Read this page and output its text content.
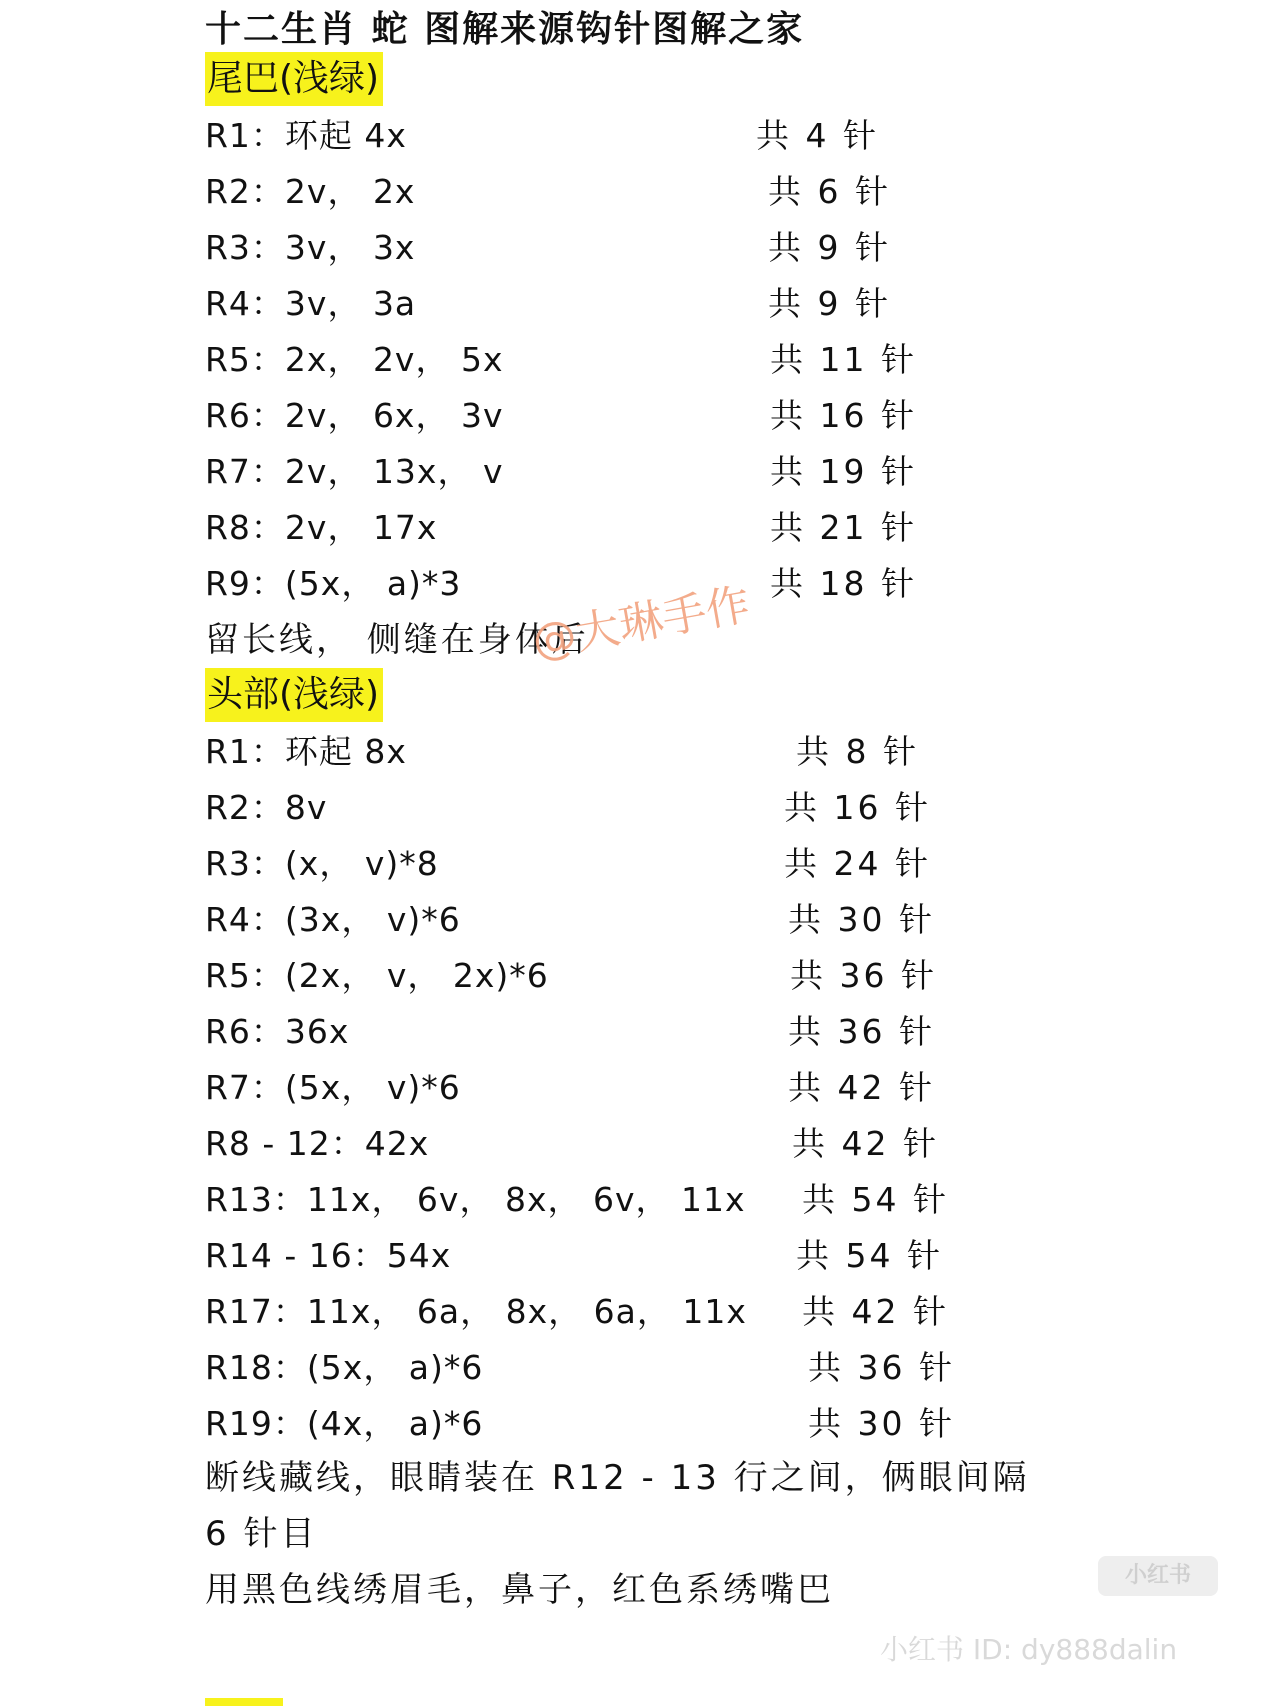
十二生肖 蛇 图解来源钩针图解之家
尾巴(浅绿)
R1：环起 4x	共 4 针
R2：2v， 2x	共 6 针
R3：3v， 3x	共 9 针
R4：3v， 3a	共 9 针
R5：2x， 2v， 5x	共 11 针
R6：2v， 6x， 3v	共 16 针
R7：2v， 13x， v	共 19 针
R8：2v， 17x	共 21 针
R9：(5x， a)*3	共 18 针
留长线， 侧缝在身体后
头部(浅绿)
R1：环起 8x	共 8 针
R2：8v	共 16 针
R3：(x， v)*8	共 24 针
R4：(3x， v)*6	共 30 针
R5：(2x， v， 2x)*6	共 36 针
R6：36x	共 36 针
R7：(5x， v)*6	共 42 针
R8 - 12：42x	共 42 针
R13：11x， 6v， 8x， 6v， 11x 共 54 针
R14 - 16：54x	共 54 针
R17：11x， 6a， 8x， 6a， 11x 共 42 针
R18：(5x， a)*6	共 36 针
R19：(4x， a)*6	共 30 针
断线藏线，眼睛装在 R12 - 13 行之间，俩眼间隔
6 针目
用黑色线绣眉毛，鼻子，红色系绣嘴巴
@大琳手作
小红书
小红书 ID: dy888dalin
